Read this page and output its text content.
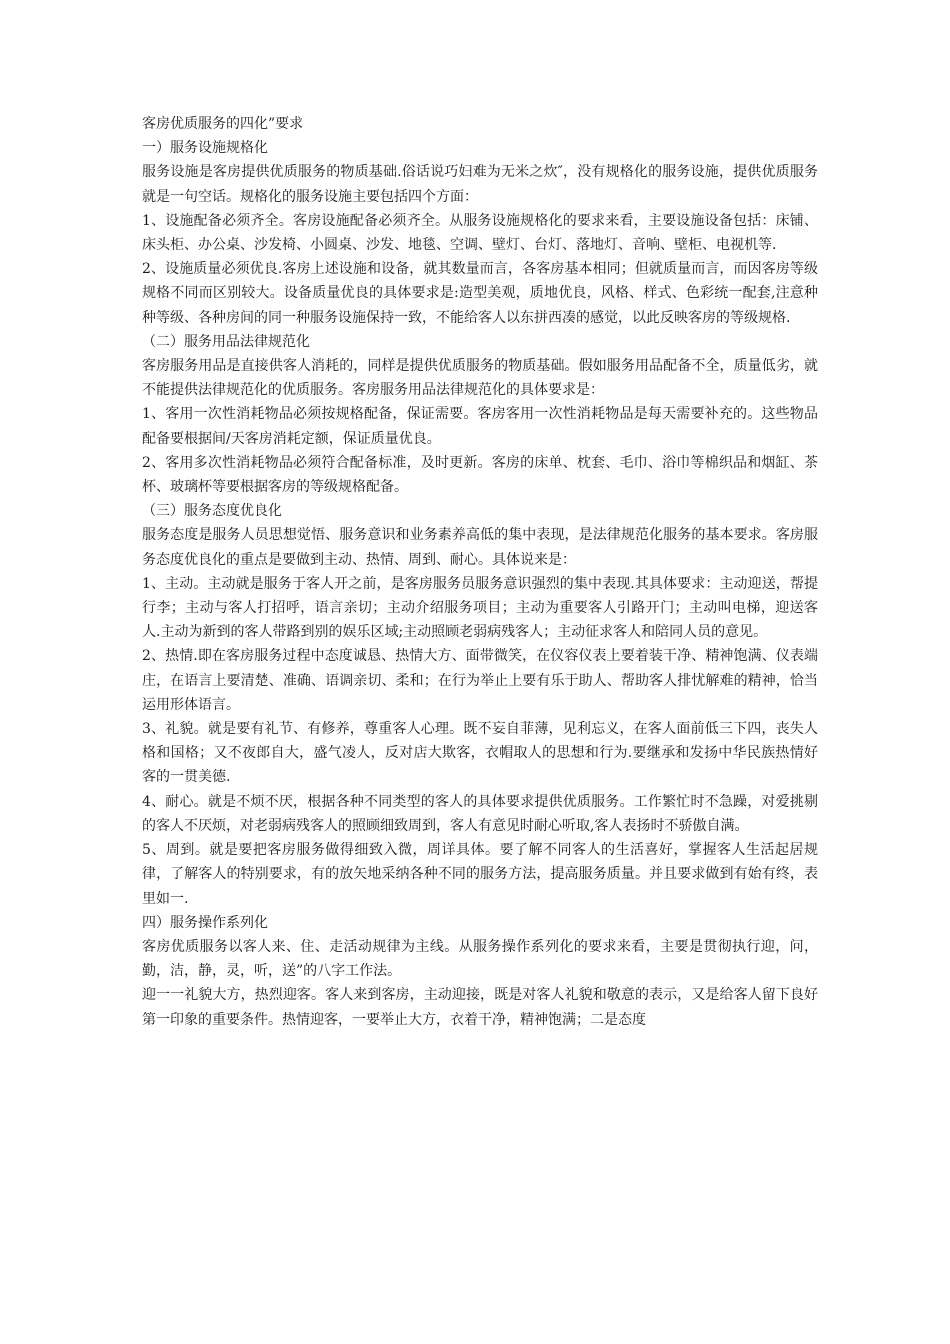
客房优质服务的四化”要求

一）服务设施规格化

服务设施是客房提供优质服务的物质基础.俗话说巧妇难为无米之炊″，没有规格化的服务设施，提供优质服务就是一句空话。规格化的服务设施主要包括四个方面：

1、设施配备必须齐全。客房设施配备必须齐全。从服务设施规格化的要求来看，主要设施设备包括：床铺、床头柜、办公桌、沙发椅、小圆桌、沙发、地毯、空调、壁灯、台灯、落地灯、音响、壁柜、电视机等.

2、设施质量必须优良.客房上述设施和设备，就其数量而言，各客房基本相同；但就质量而言，而因客房等级规格不同而区别较大。设备质量优良的具体要求是:造型美观，质地优良，风格、样式、色彩统一配套,注意种种等级、各种房间的同一种服务设施保持一致，不能给客人以东拼西凑的感觉，以此反映客房的等级规格.

（二）服务用品法律规范化

客房服务用品是直接供客人消耗的，同样是提供优质服务的物质基础。假如服务用品配备不全，质量低劣，就不能提供法律规范化的优质服务。客房服务用品法律规范化的具体要求是：

1、客用一次性消耗物品必须按规格配备，保证需要。客房客用一次性消耗物品是每天需要补充的。这些物品配备要根据间/天客房消耗定额，保证质量优良。

2、客用多次性消耗物品必须符合配备标准，及时更新。客房的床单、枕套、毛巾、浴巾等棉织品和烟缸、茶杯、玻璃杯等要根据客房的等级规格配备。

（三）服务态度优良化

服务态度是服务人员思想觉悟、服务意识和业务素养高低的集中表现，是法律规范化服务的基本要求。客房服务态度优良化的重点是要做到主动、热情、周到、耐心。具体说来是：

1、主动。主动就是服务于客人开之前，是客房服务员服务意识强烈的集中表现.其具体要求：主动迎送，帮提行李；主动与客人打招呼，语言亲切；主动介绍服务项目；主动为重要客人引路开门；主动叫电梯，迎送客人.主动为新到的客人带路到别的娱乐区域;主动照顾老弱病残客人；主动征求客人和陪同人员的意见。

2、热情.即在客房服务过程中态度诚恳、热情大方、面带微笑，在仪容仪表上要着装干净、精神饱满、仪表端庄，在语言上要清楚、准确、语调亲切、柔和；在行为举止上要有乐于助人、帮助客人排忧解难的精神，恰当运用形体语言。

3、礼貌。就是要有礼节、有修养，尊重客人心理。既不妄自菲薄，见利忘义，在客人面前低三下四，丧失人格和国格；又不夜郎自大，盛气凌人，反对店大欺客，衣帽取人的思想和行为.要继承和发扬中华民族热情好客的一贯美德.

4、耐心。就是不烦不厌，根据各种不同类型的客人的具体要求提供优质服务。工作繁忙时不急躁，对爱挑剔的客人不厌烦，对老弱病残客人的照顾细致周到，客人有意见时耐心听取,客人表扬时不骄傲自满。

5、周到。就是要把客房服务做得细致入微，周详具体。要了解不同客人的生活喜好，掌握客人生活起居规律，了解客人的特别要求，有的放矢地采纳各种不同的服务方法，提高服务质量。并且要求做到有始有终，表里如一.

四）服务操作系列化

客房优质服务以客人来、住、走活动规律为主线。从服务操作系列化的要求来看，主要是贯彻执行迎，问，勤，洁，静，灵，听，送”的八字工作法。

迎一一礼貌大方，热烈迎客。客人来到客房，主动迎接，既是对客人礼貌和敬意的表示，又是给客人留下良好第一印象的重要条件。热情迎客，一要举止大方，衣着干净，精神饱满；二是态度
